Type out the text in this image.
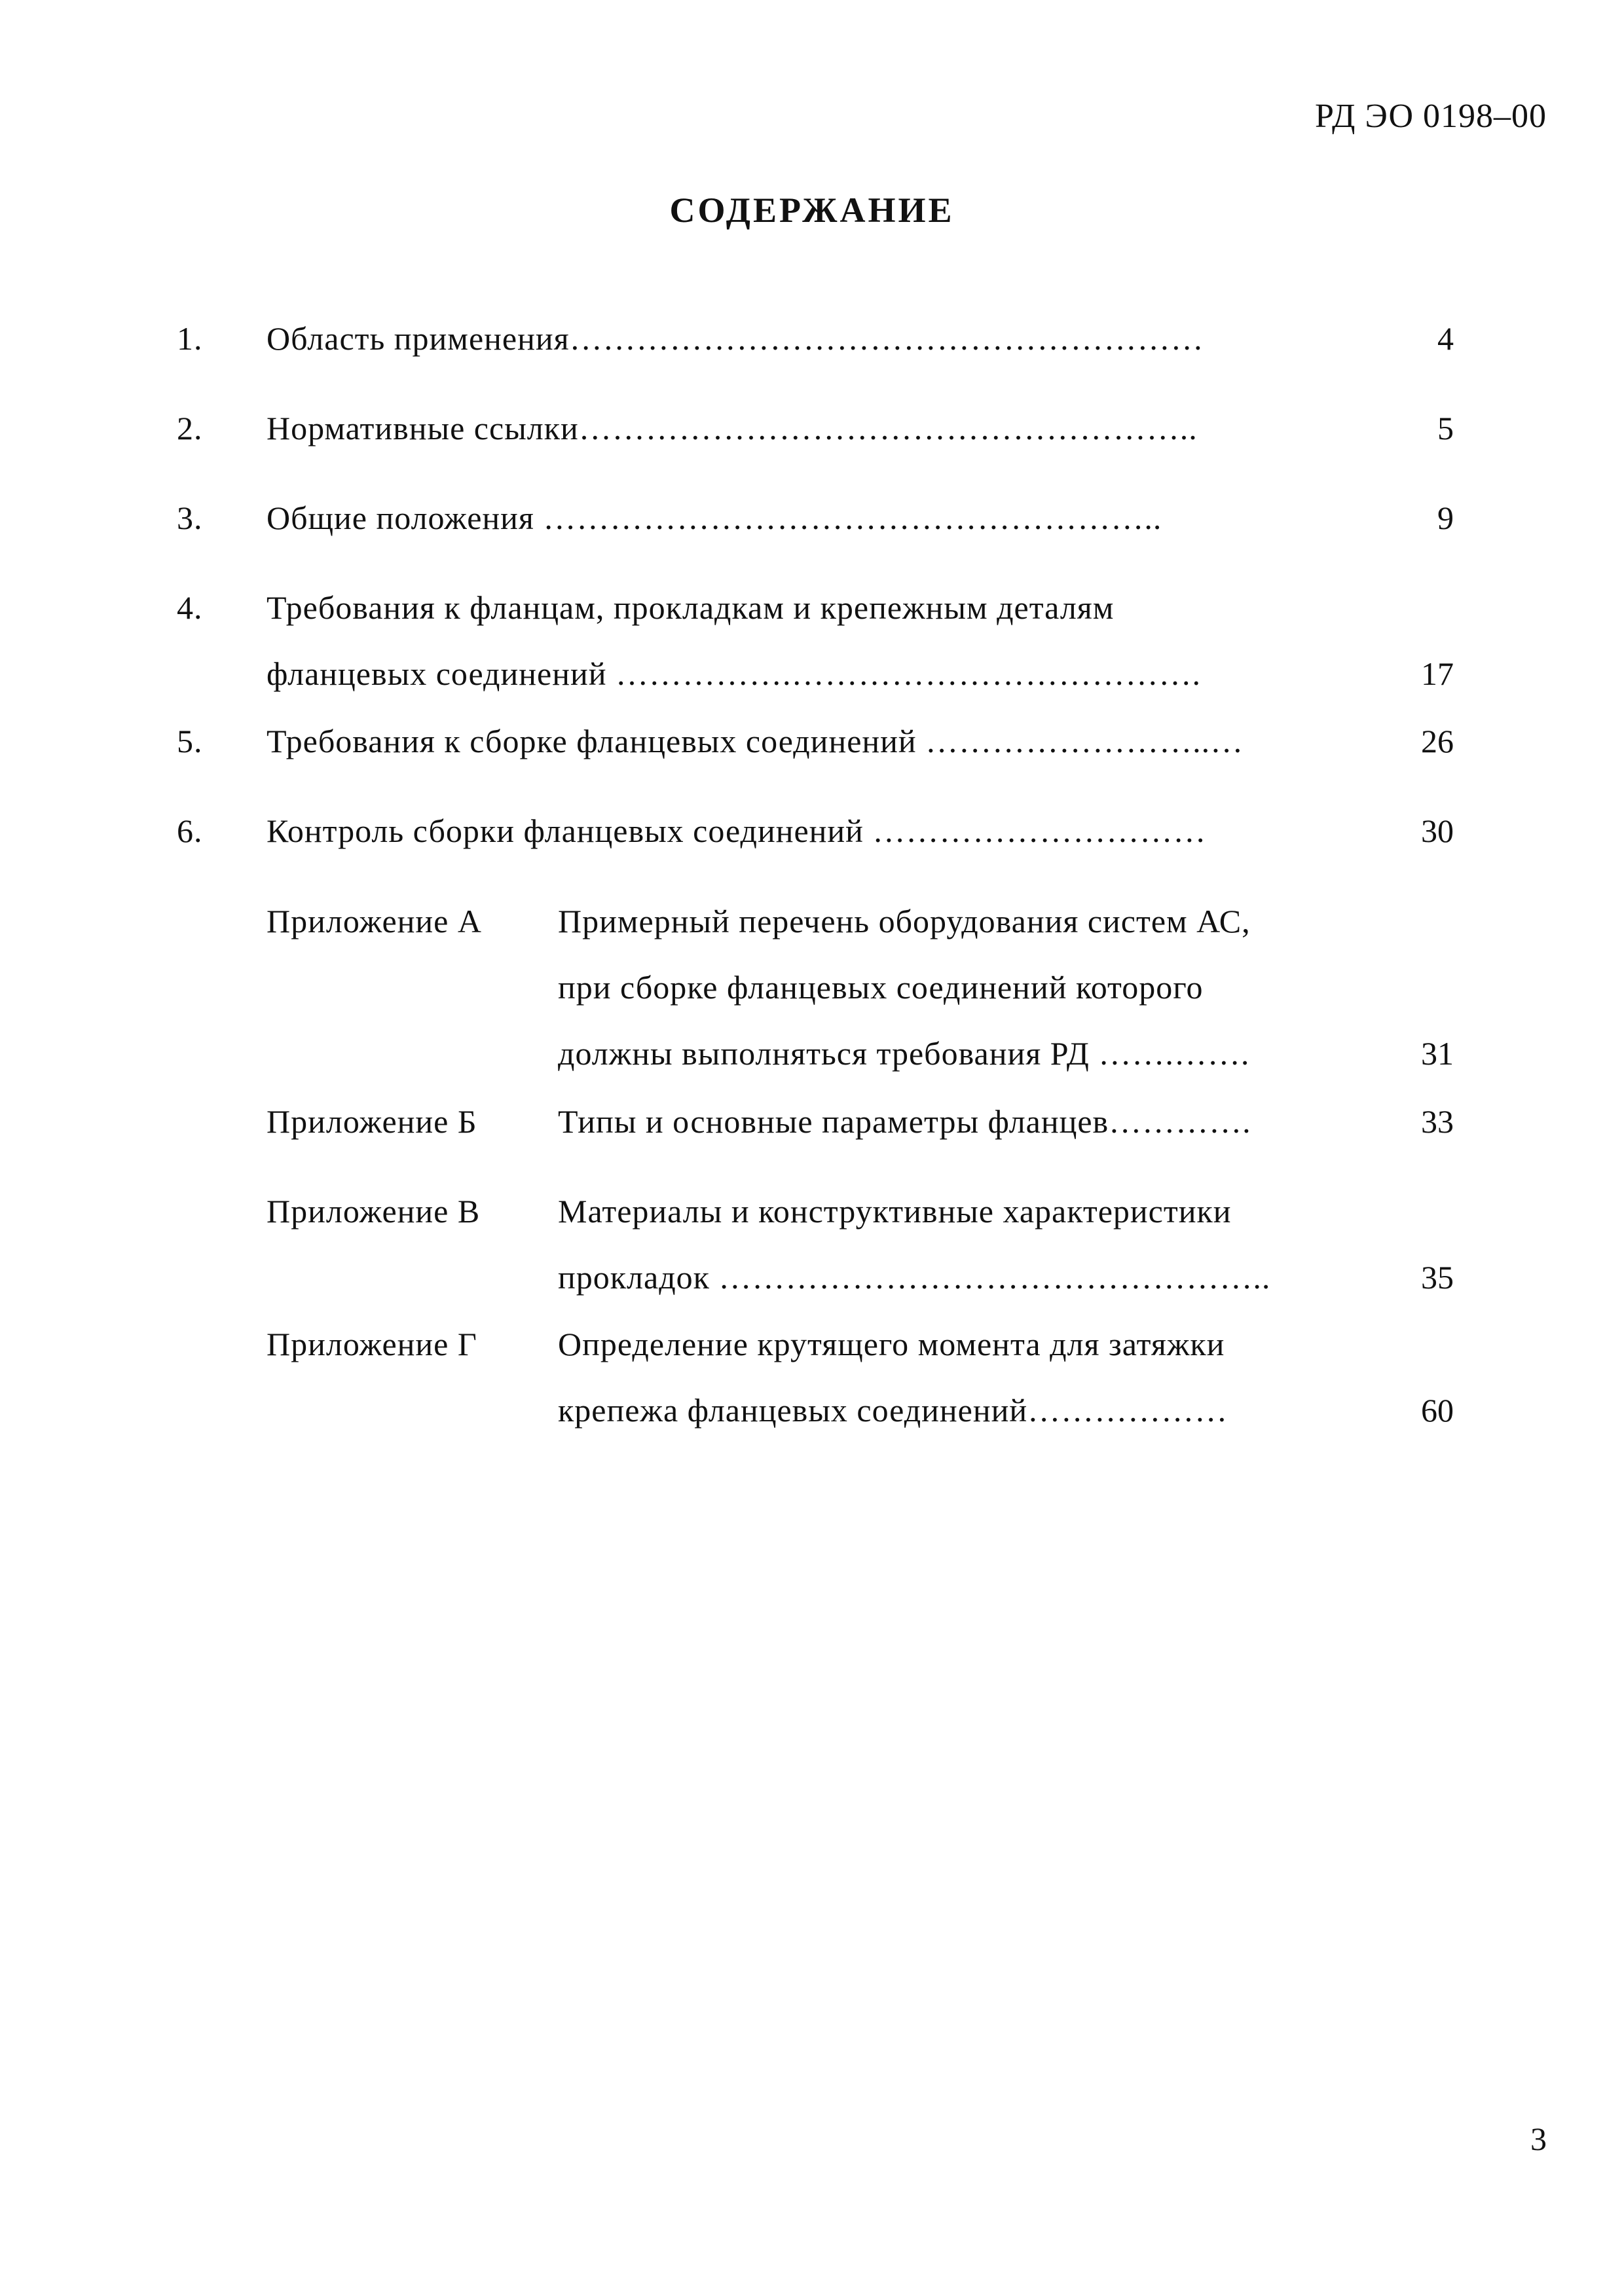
РД ЭО 0198–00
СОДЕРЖАНИЕ
1. Область применения…………………………………………………	4
2. Нормативные ссылки………………………………………………..	5
3. Общие положения ………………………………………………..	9
4. Требования к фланцам, прокладкам и крепежным деталям
фланцевых соединений …………….……………………………….	17
5. Требования к сборке фланцевых соединений ……………………..…	26
6. Контроль сборки фланцевых соединений …………………………	30
Приложение А Примерный перечень оборудования систем АС,
при сборке фланцевых соединений которого
должны выполняться требования РД …….…….	31
Приложение Б Типы и основные параметры фланцев………….	33
Приложение В Материалы и конструктивные характеристики
прокладок …………………………………………..	35
Приложение Г Определение крутящего момента для затяжки
крепежа фланцевых соединений………………	60
3
